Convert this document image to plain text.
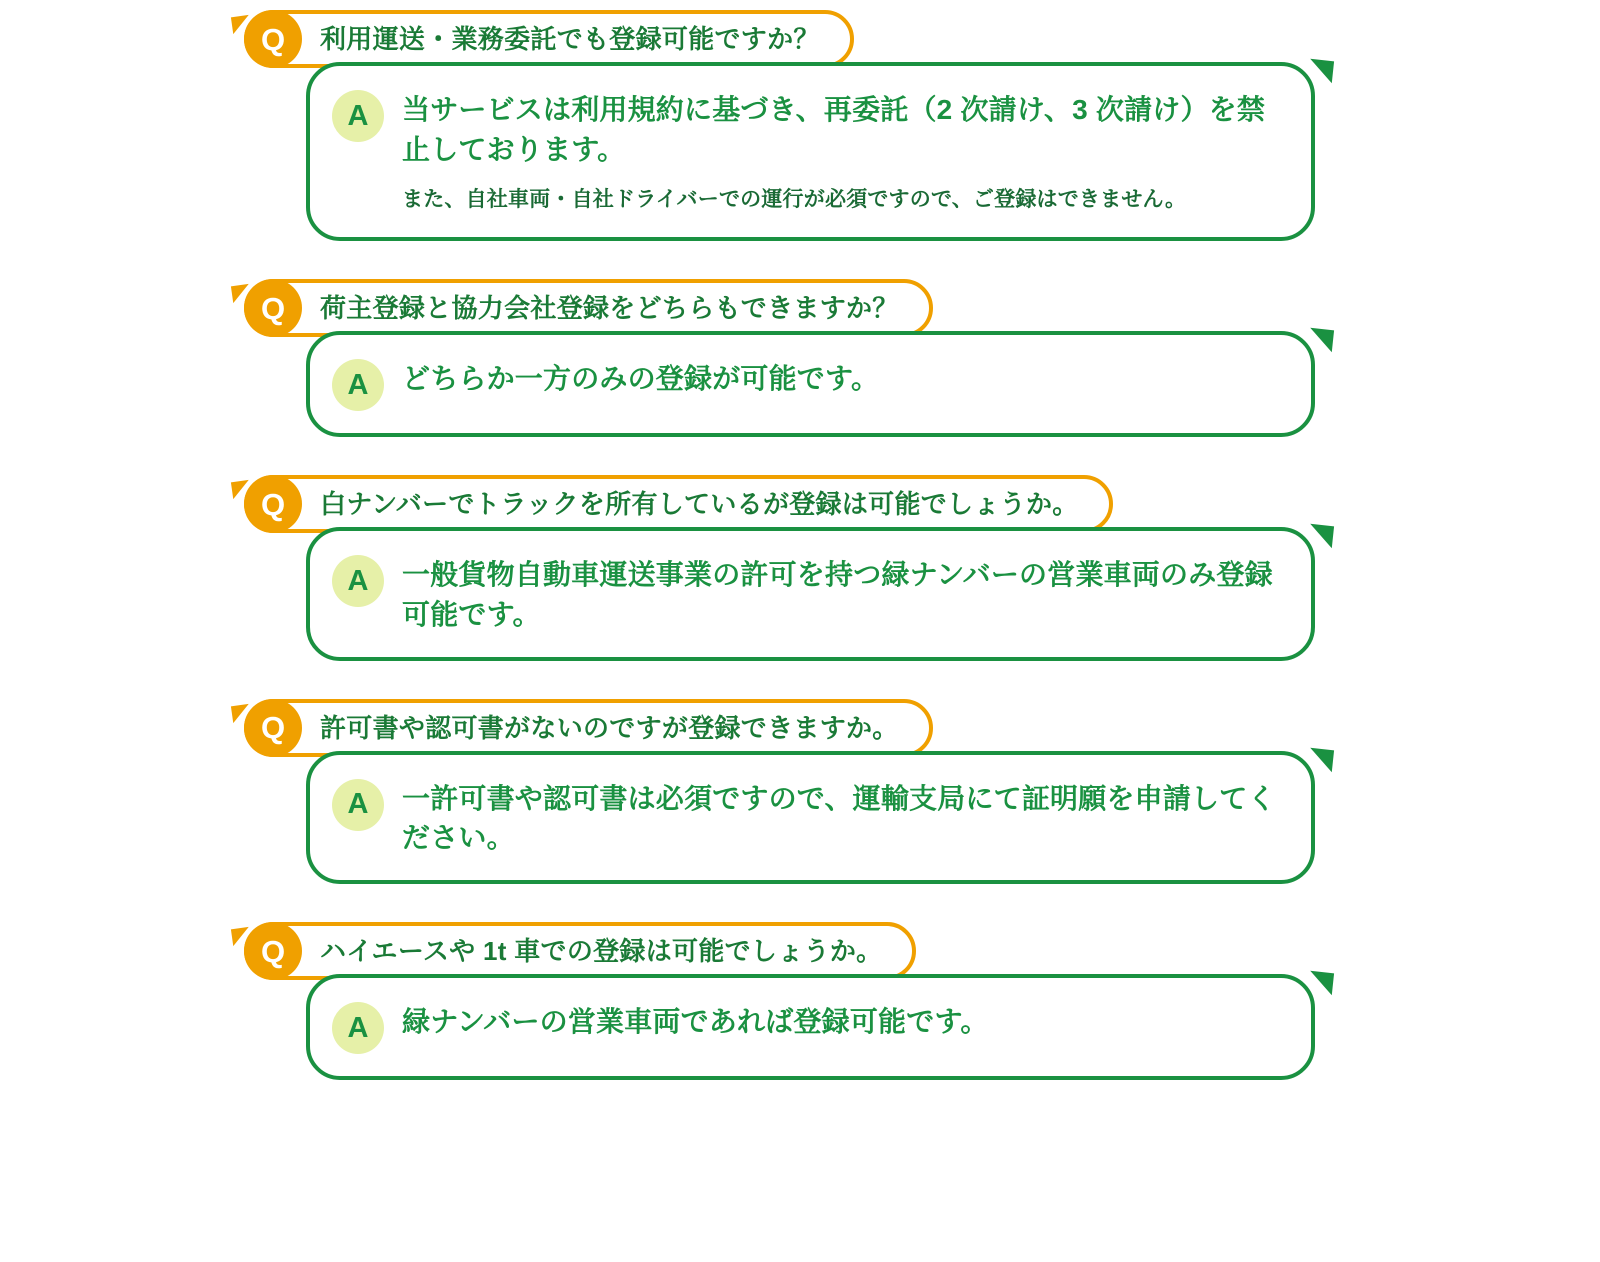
Q	利用運送・業務委託でも登録可能ですか？
A	当サービスは利用規約に基づき、再委託（2 次請け、3 次請け）を禁止しております。
また、自社車両・自社ドライバーでの運行が必須ですので、ご登録はできません。
Q	荷主登録と協力会社登録をどちらもできますか？
A	どちらか一方のみの登録が可能です。
Q	白ナンバーでトラックを所有しているが登録は可能でしょうか。
A	一般貨物自動車運送事業の許可を持つ緑ナンバーの営業車両のみ登録可能です。
Q	許可書や認可書がないのですが登録できますか。
A	一許可書や認可書は必須ですので、運輸支局にて証明願を申請してください。
Q	ハイエースや 1t 車での登録は可能でしょうか。
A	緑ナンバーの営業車両であれば登録可能です。
